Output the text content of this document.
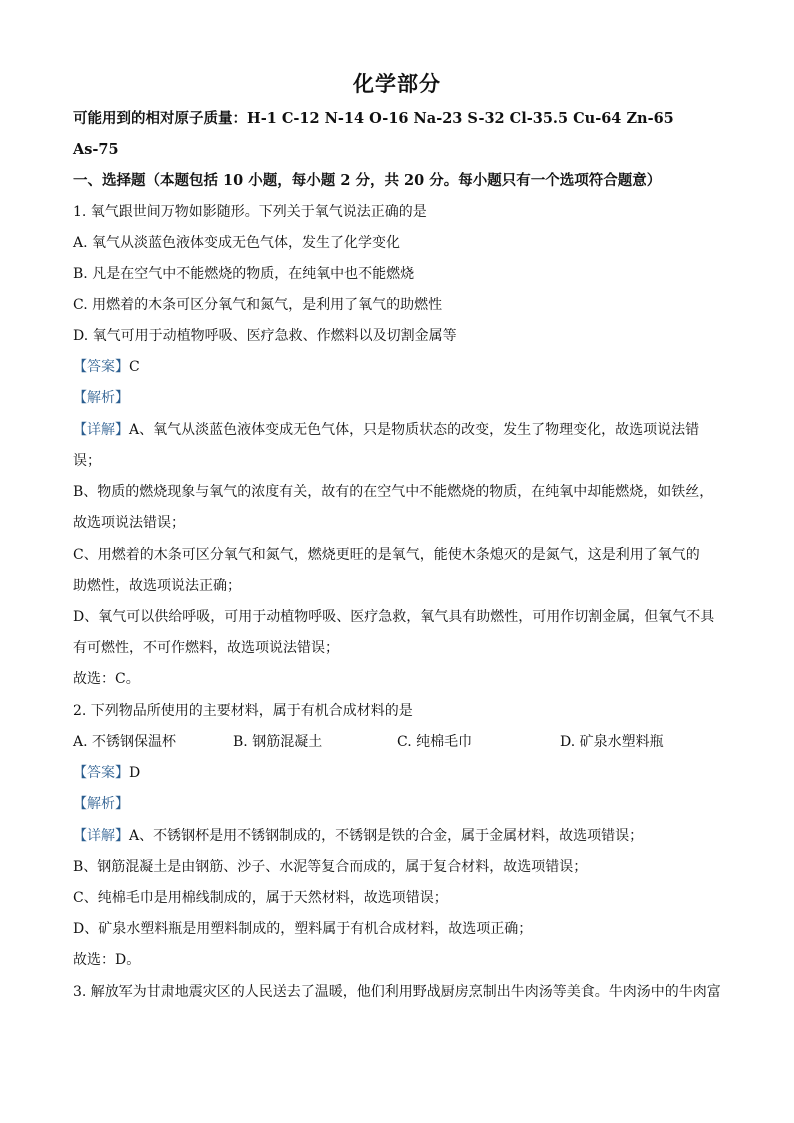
化学部分
可能用到的相对原子质量：H-1 C-12 N-14 O-16 Na-23 S-32 Cl-35.5 Cu-64 Zn-65
As-75
一、选择题（本题包括 10 小题，每小题 2 分，共 20 分。每小题只有一个选项符合题意）
1. 氧气跟世间万物如影随形。下列关于氧气说法正确的是
A. 氧气从淡蓝色液体变成无色气体，发生了化学变化
B. 凡是在空气中不能燃烧的物质，在纯氧中也不能燃烧
C. 用燃着的木条可区分氧气和氮气，是利用了氧气的助燃性
D. 氧气可用于动植物呼吸、医疗急救、作燃料以及切割金属等
【答案】C
【解析】
【详解】A、氧气从淡蓝色液体变成无色气体，只是物质状态的改变，发生了物理变化，故选项说法错
误；
B、物质的燃烧现象与氧气的浓度有关，故有的在空气中不能燃烧的物质，在纯氧中却能燃烧，如铁丝，
故选项说法错误；
C、用燃着的木条可区分氧气和氮气，燃烧更旺的是氧气，能使木条熄灭的是氮气，这是利用了氧气的
助燃性，故选项说法正确；
D、氧气可以供给呼吸，可用于动植物呼吸、医疗急救，氧气具有助燃性，可用作切割金属，但氧气不具
有可燃性，不可作燃料，故选项说法错误；
故选：C。
2. 下列物品所使用的主要材料，属于有机合成材料的是
A. 不锈钢保温杯	B. 钢筋混凝土	C. 纯棉毛巾	D. 矿泉水塑料瓶
【答案】D
【解析】
【详解】A、不锈钢杯是用不锈钢制成的，不锈钢是铁的合金，属于金属材料，故选项错误；
B、钢筋混凝土是由钢筋、沙子、水泥等复合而成的，属于复合材料，故选项错误；
C、纯棉毛巾是用棉线制成的，属于天然材料，故选项错误；
D、矿泉水塑料瓶是用塑料制成的，塑料属于有机合成材料，故选项正确；
故选：D。
3. 解放军为甘肃地震灾区的人民送去了温暖，他们利用野战厨房烹制出牛肉汤等美食。牛肉汤中的牛肉富
